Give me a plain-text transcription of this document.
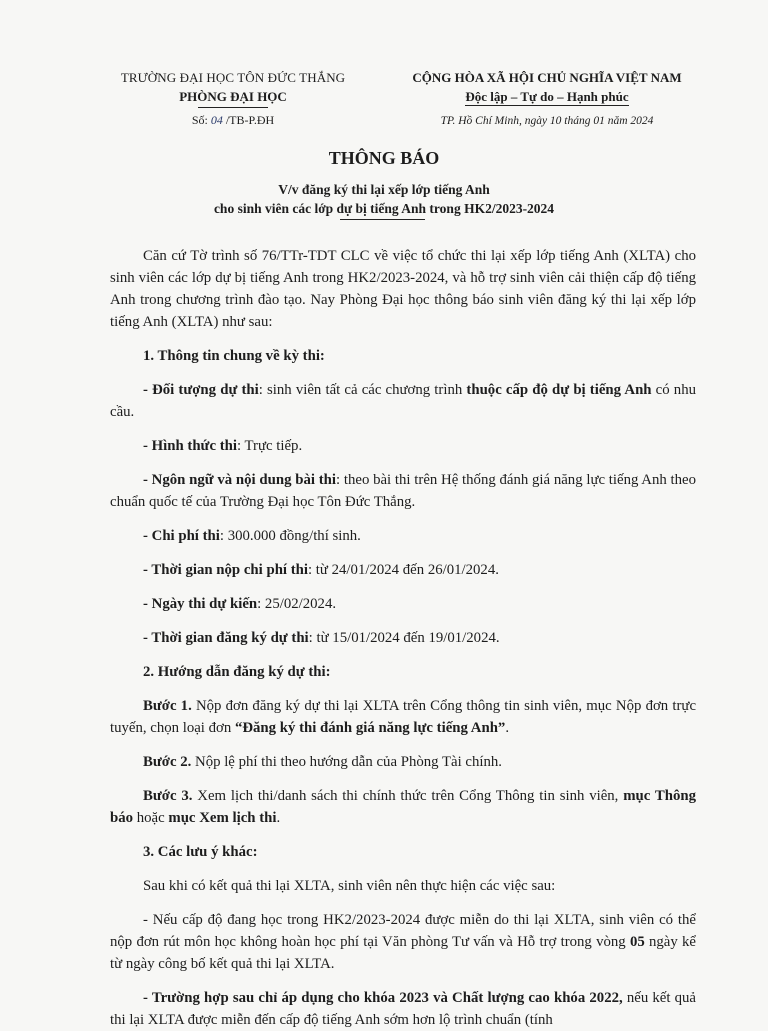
TRƯỜNG ĐẠI HỌC TÔN ĐỨC THẮNG
PHÒNG ĐẠI HỌC
Số: 04 /TB-P.ĐH
CỘNG HÒA XÃ HỘI CHỦ NGHĨA VIỆT NAM
Độc lập – Tự do – Hạnh phúc
TP. Hồ Chí Minh, ngày 10 tháng 01 năm 2024
THÔNG BÁO
V/v đăng ký thi lại xếp lớp tiếng Anh
cho sinh viên các lớp dự bị tiếng Anh trong HK2/2023-2024

Căn cứ Tờ trình số 76/TTr-TDT CLC về việc tổ chức thi lại xếp lớp tiếng Anh (XLTA) cho sinh viên các lớp dự bị tiếng Anh trong HK2/2023-2024, và hỗ trợ sinh viên cải thiện cấp độ tiếng Anh trong chương trình đào tạo. Nay Phòng Đại học thông báo sinh viên đăng ký thi lại xếp lớp tiếng Anh (XLTA) như sau:

1. Thông tin chung về kỳ thi:

- Đối tượng dự thi: sinh viên tất cả các chương trình thuộc cấp độ dự bị tiếng Anh có nhu cầu.

- Hình thức thi: Trực tiếp.

- Ngôn ngữ và nội dung bài thi: theo bài thi trên Hệ thống đánh giá năng lực tiếng Anh theo chuẩn quốc tế của Trường Đại học Tôn Đức Thắng.

- Chi phí thi: 300.000 đồng/thí sinh.

- Thời gian nộp chi phí thi: từ 24/01/2024 đến 26/01/2024.

- Ngày thi dự kiến: 25/02/2024.

- Thời gian đăng ký dự thi: từ 15/01/2024 đến 19/01/2024.

2. Hướng dẫn đăng ký dự thi:

Bước 1. Nộp đơn đăng ký dự thi lại XLTA trên Cổng thông tin sinh viên, mục Nộp đơn trực tuyến, chọn loại đơn “Đăng ký thi đánh giá năng lực tiếng Anh”.

Bước 2. Nộp lệ phí thi theo hướng dẫn của Phòng Tài chính.

Bước 3. Xem lịch thi/danh sách thi chính thức trên Cổng Thông tin sinh viên, mục Thông báo hoặc mục Xem lịch thi.

3. Các lưu ý khác:

Sau khi có kết quả thi lại XLTA, sinh viên nên thực hiện các việc sau:

- Nếu cấp độ đang học trong HK2/2023-2024 được miễn do thi lại XLTA, sinh viên có thể nộp đơn rút môn học không hoàn học phí tại Văn phòng Tư vấn và Hỗ trợ trong vòng 05 ngày kể từ ngày công bố kết quả thi lại XLTA.

- Trường hợp sau chỉ áp dụng cho khóa 2023 và Chất lượng cao khóa 2022, nếu kết quả thi lại XLTA được miễn đến cấp độ tiếng Anh sớm hơn lộ trình chuẩn (tính
